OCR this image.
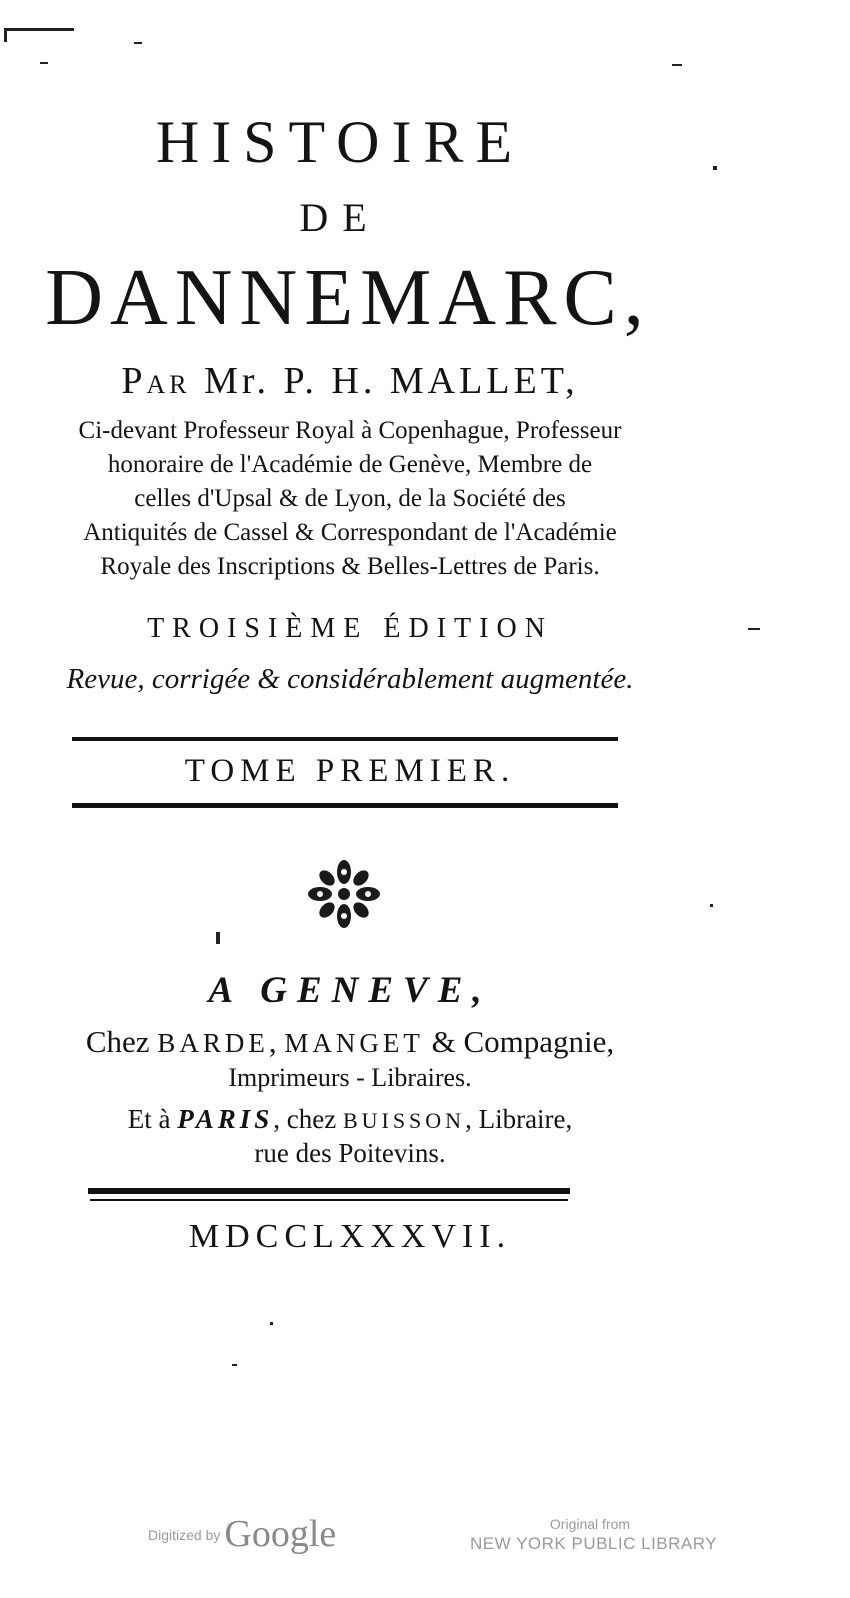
HISTOIRE
DE
DANNEMARC,
PAR Mr. P. H. MALLET,
Ci-devant Professeur Royal à Copenhague, Professeur
honoraire de l'Académie de Genève, Membre de
celles d'Upsal & de Lyon, de la Société des
Antiquités de Cassel & Correspondant de l'Académie
Royale des Inscriptions & Belles-Lettres de Paris.
TROISIÈME ÉDITION
Revue, corrigée & considérablement augmentée.
TOME PREMIER.
A GENEVE,
Chez BARDE, MANGET & Compagnie,
Imprimeurs - Libraires.
Et à PARIS, chez BUISSON, Libraire,
rue des Poitevins.
MDCCLXXXVII.
Digitized by Google	Original from
NEW YORK PUBLIC LIBRARY
